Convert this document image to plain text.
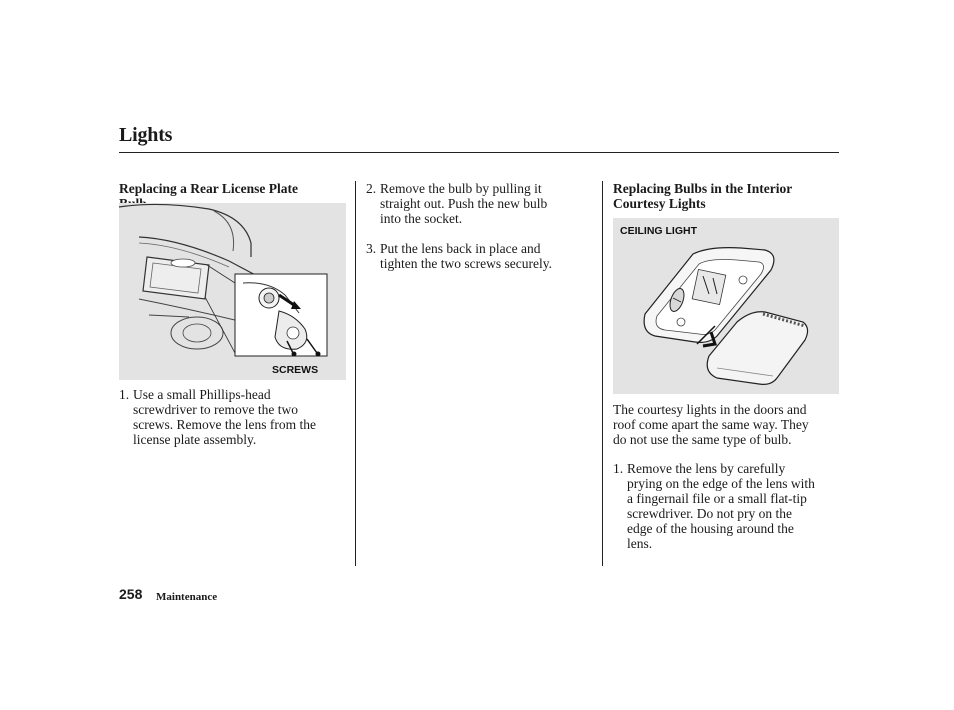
Lights
Replacing a Rear License Plate
SCREWS
1. Use a small Phillips-head
screwdriver to remove the two
screws. Remove the lens from the
license plate assembly.
2. Remove the bulb by pulling it
straight out. Push the new bulb
into the socket.
3. Put the lens back in place and
tighten the two screws securely.
Replacing Bulbs in the Interior
Courtesy Lights
CEILING LIGHT
The courtesy lights in the doors and
roof come apart the same way. They
do not use the same type of bulb.
1. Remove the lens by carefully
prying on the edge of the lens with
a fingernail file or a small flat-tip
screwdriver. Do not pry on the
edge of the housing around the
lens.
258 Maintenance
